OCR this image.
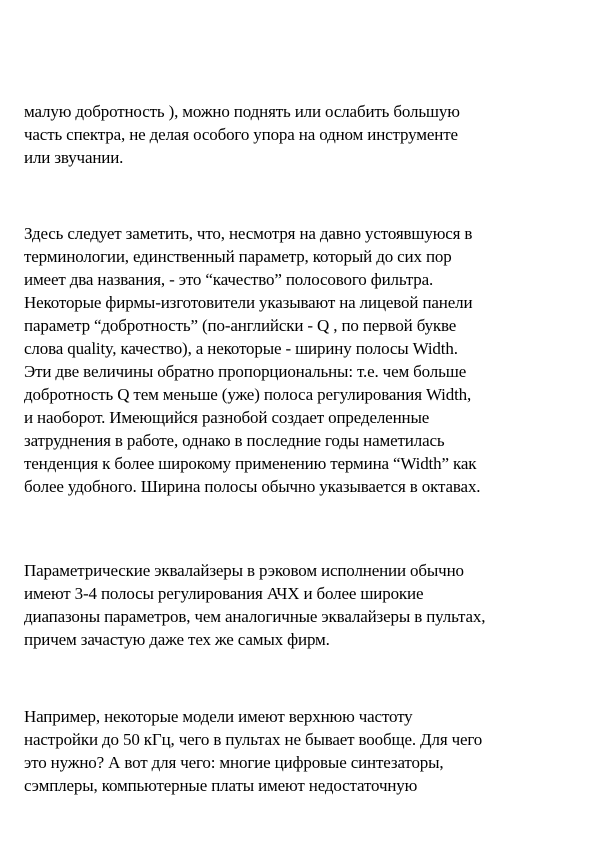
малую добротность ), можно поднять или ослабить большую
часть спектра, не делая особого упора на одном инструменте
или звучании.
Здесь следует заметить, что, несмотря на давно устоявшуюся в
терминологии, единственный параметр, который до сих пор
имеет два названия, - это “качество” полосового фильтра.
Некоторые фирмы-изготовители указывают на лицевой панели
параметр “добротность” (по-английски - Q , по первой букве
слова quality, качество), а некоторые - ширину полосы Width.
Эти две величины обратно пропорциональны: т.е. чем больше
добротность Q тем меньше (уже) полоса регулирования Width,
и наоборот. Имеющийся разнобой создает определенные
затруднения в работе, однако в последние годы наметилась
тенденция к более широкому применению термина “Width” как
более удобного. Ширина полосы обычно указывается в октавах.
Параметрические эквалайзеры в рэковом исполнении обычно
имеют 3-4 полосы регулирования АЧХ и более широкие
диапазоны параметров, чем аналогичные эквалайзеры в пультах,
причем зачастую даже тех же самых фирм.
Например, некоторые модели имеют верхнюю частоту
настройки до 50 кГц, чего в пультах не бывает вообще. Для чего
это нужно? А вот для чего: многие цифровые синтезаторы,
сэмплеры, компьютерные платы имеют недостаточную
